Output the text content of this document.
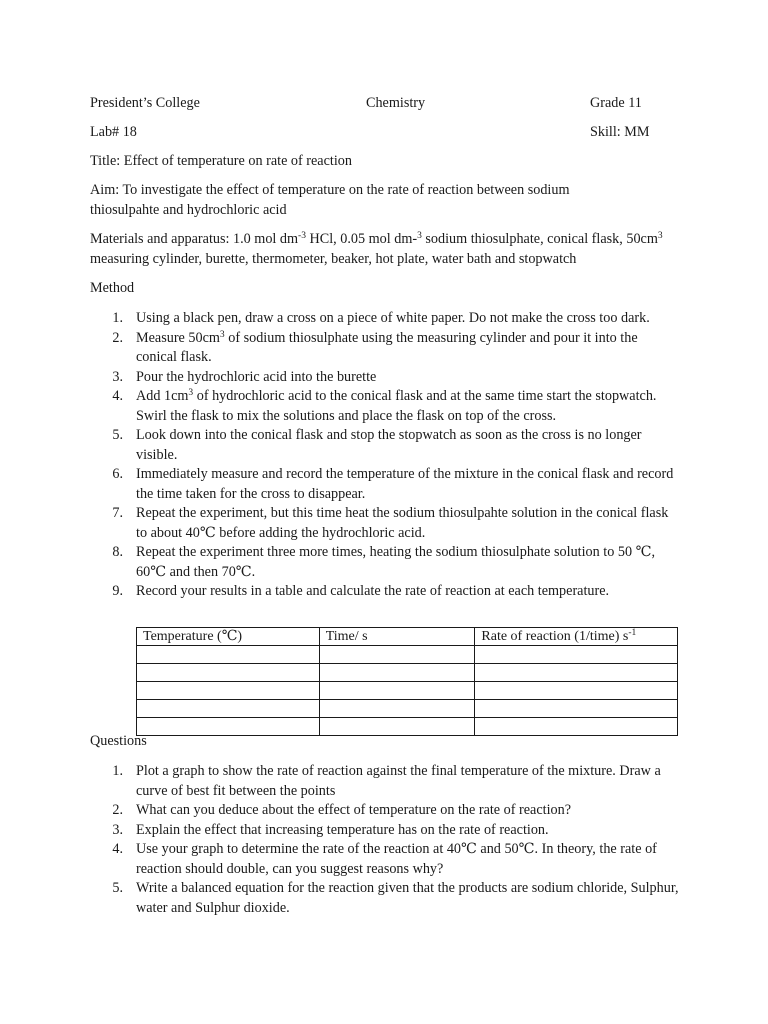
President’s College	Chemistry	Grade 11
Lab# 18	Skill: MM
Title: Effect of temperature on rate of reaction
Aim: To investigate the effect of temperature on the rate of reaction between sodium thiosulpahte and hydrochloric acid
Materials and apparatus: 1.0 mol $dm^{-3}$ HCl, 0.05 mol dm-$^3$ sodium thiosulphate, conical flask, $50cm^3$ measuring cylinder, burette, thermometer, beaker, hot plate, water bath and stopwatch
Method
1. Using a black pen, draw a cross on a piece of white paper. Do not make the cross too dark.
2. Measure $50cm^3$ of sodium thiosulphate using the measuring cylinder and pour it into the conical flask.
3. Pour the hydrochloric acid into the burette
4. Add $1cm^3$ of hydrochloric acid to the conical flask and at the same time start the stopwatch. Swirl the flask to mix the solutions and place the flask on top of the cross.
5. Look down into the conical flask and stop the stopwatch as soon as the cross is no longer visible.
6. Immediately measure and record the temperature of the mixture in the conical flask and record the time taken for the cross to disappear.
7. Repeat the experiment, but this time heat the sodium thiosulpahte solution in the conical flask to about 40℃ before adding the hydrochloric acid.
8. Repeat the experiment three more times, heating the sodium thiosulphate solution to 50 ℃, 60℃ and then 70℃.
9. Record your results in a table and calculate the rate of reaction at each temperature.
Temperature (℃)	Time/ s	Rate of reaction (1/time) $s^{-1}$

Questions
1. Plot a graph to show the rate of reaction against the final temperature of the mixture. Draw a curve of best fit between the points
2. What can you deduce about the effect of temperature on the rate of reaction?
3. Explain the effect that increasing temperature has on the rate of reaction.
4. Use your graph to determine the rate of the reaction at 40℃ and 50℃. In theory, the rate of reaction should double, can you suggest reasons why?
5. Write a balanced equation for the reaction given that the products are sodium chloride, Sulphur, water and Sulphur dioxide.
